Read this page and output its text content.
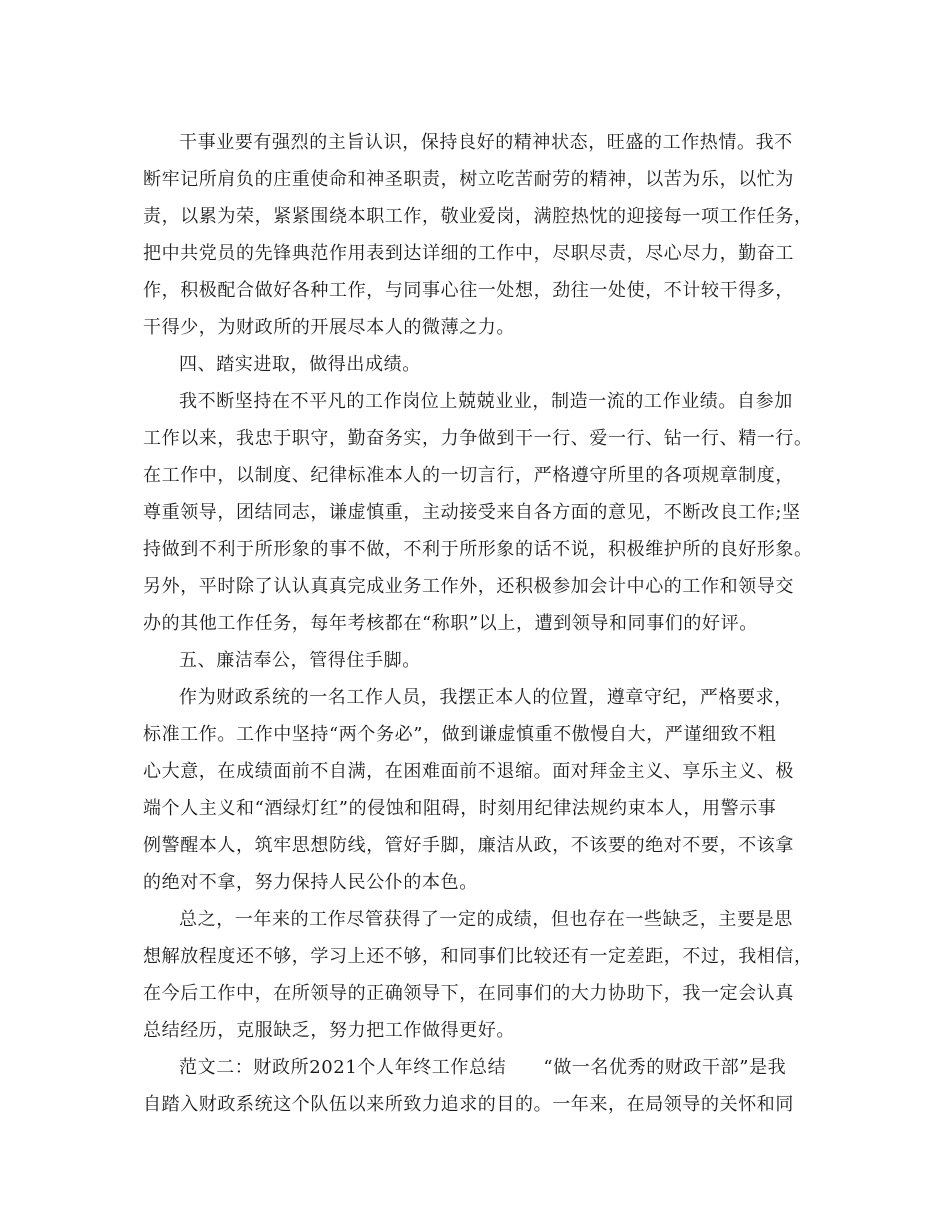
干事业要有强烈的主旨认识，保持良好的精神状态，旺盛的工作热情。我不
断牢记所肩负的庄重使命和神圣职责，树立吃苦耐劳的精神，以苦为乐，以忙为
责，以累为荣，紧紧围绕本职工作，敬业爱岗，满腔热忱的迎接每一项工作任务，
把中共党员的先锋典范作用表到达详细的工作中，尽职尽责，尽心尽力，勤奋工
作，积极配合做好各种工作，与同事心往一处想，劲往一处使，不计较干得多，
干得少，为财政所的开展尽本人的微薄之力。
四、踏实进取，做得出成绩。
我不断坚持在不平凡的工作岗位上兢兢业业，制造一流的工作业绩。自参加
工作以来，我忠于职守，勤奋务实，力争做到干一行、爱一行、钻一行、精一行。
在工作中，以制度、纪律标准本人的一切言行，严格遵守所里的各项规章制度，
尊重领导，团结同志，谦虚慎重，主动接受来自各方面的意见，不断改良工作;坚
持做到不利于所形象的事不做，不利于所形象的话不说，积极维护所的良好形象。
另外，平时除了认认真真完成业务工作外，还积极参加会计中心的工作和领导交
办的其他工作任务，每年考核都在“称职”以上，遭到领导和同事们的好评。
五、廉洁奉公，管得住手脚。
作为财政系统的一名工作人员，我摆正本人的位置，遵章守纪，严格要求，
标准工作。工作中坚持“两个务必”，做到谦虚慎重不傲慢自大，严谨细致不粗
心大意，在成绩面前不自满，在困难面前不退缩。面对拜金主义、享乐主义、极
端个人主义和“酒绿灯红”的侵蚀和阻碍，时刻用纪律法规约束本人，用警示事
例警醒本人，筑牢思想防线，管好手脚，廉洁从政，不该要的绝对不要，不该拿
的绝对不拿，努力保持人民公仆的本色。
总之，一年来的工作尽管获得了一定的成绩，但也存在一些缺乏，主要是思
想解放程度还不够，学习上还不够，和同事们比较还有一定差距，不过，我相信，
在今后工作中，在所领导的正确领导下，在同事们的大力协助下，我一定会认真
总结经历，克服缺乏，努力把工作做得更好。
范文二：财政所2021个人年终工作总结　　“做一名优秀的财政干部”是我
自踏入财政系统这个队伍以来所致力追求的目的。一年来，在局领导的关怀和同
